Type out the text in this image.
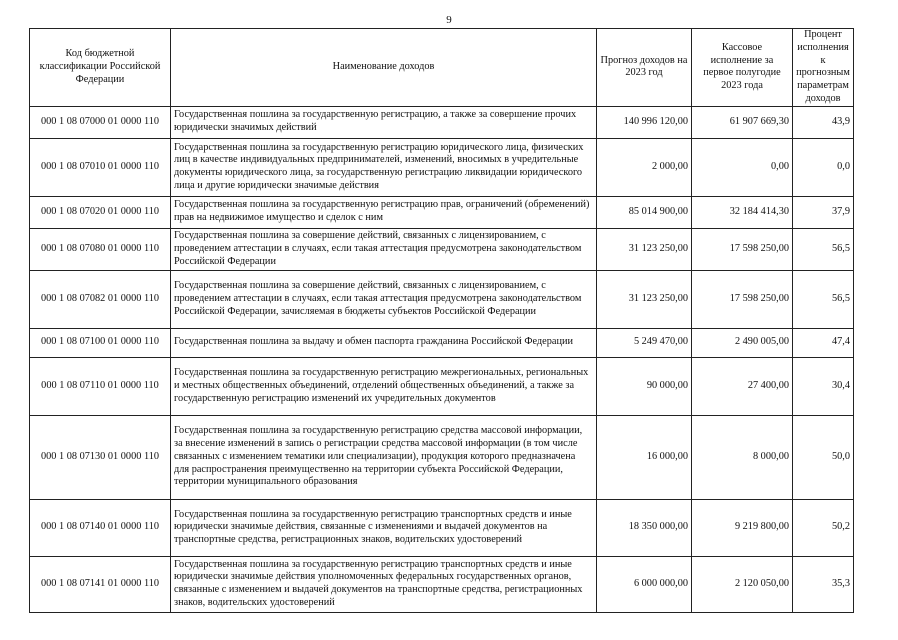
9
Код бюджетной классификации Российской Федерации	Наименование доходов	Прогноз доходов на 2023 год	Кассовое исполнение за первое полугодие 2023 года	Процент исполнения к прогнозным параметрам доходов
000 1 08 07000 01 0000 110	Государственная пошлина за государственную регистрацию, а также за совершение прочих юридически значимых действий	140 996 120,00	61 907 669,30	43,9
000 1 08 07010 01 0000 110	Государственная пошлина за государственную регистрацию юридического лица, физических лиц в качестве индивидуальных предпринимателей, изменений, вносимых в учредительные документы юридического лица, за государственную регистрацию ликвидации юридического лица и другие юридически значимые действия	2 000,00	0,00	0,0
000 1 08 07020 01 0000 110	Государственная пошлина за государственную регистрацию прав, ограничений (обременений) прав на недвижимое имущество и сделок с ним	85 014 900,00	32 184 414,30	37,9
000 1 08 07080 01 0000 110	Государственная пошлина за совершение действий, связанных с лицензированием, с проведением аттестации в случаях, если такая аттестация предусмотрена законодательством Российской Федерации	31 123 250,00	17 598 250,00	56,5
000 1 08 07082 01 0000 110	Государственная пошлина за совершение действий, связанных с лицензированием, с проведением аттестации в случаях, если такая аттестация предусмотрена законодательством Российской Федерации, зачисляемая в бюджеты субъектов Российской Федерации	31 123 250,00	17 598 250,00	56,5
000 1 08 07100 01 0000 110	Государственная пошлина за выдачу и обмен паспорта гражданина Российской Федерации	5 249 470,00	2 490 005,00	47,4
000 1 08 07110 01 0000 110	Государственная пошлина за государственную регистрацию межрегиональных, региональных и местных общественных объединений, отделений общественных объединений, а также за государственную регистрацию изменений их учредительных документов	90 000,00	27 400,00	30,4
000 1 08 07130 01 0000 110	Государственная пошлина за государственную регистрацию средства массовой информации, за внесение изменений в запись о регистрации средства массовой информации (в том числе связанных с изменением тематики или специализации), продукция которого предназначена для распространения преимущественно на территории субъекта Российской Федерации, территории муниципального образования	16 000,00	8 000,00	50,0
000 1 08 07140 01 0000 110	Государственная пошлина за государственную регистрацию транспортных средств и иные юридически значимые действия, связанные с изменениями и выдачей документов на транспортные средства, регистрационных знаков, водительских удостоверений	18 350 000,00	9 219 800,00	50,2
000 1 08 07141 01 0000 110	Государственная пошлина за государственную регистрацию транспортных средств и иные юридически значимые действия уполномоченных федеральных государственных органов, связанные с изменением и выдачей документов на транспортные средства, регистрационных знаков, водительских удостоверений	6 000 000,00	2 120 050,00	35,3
